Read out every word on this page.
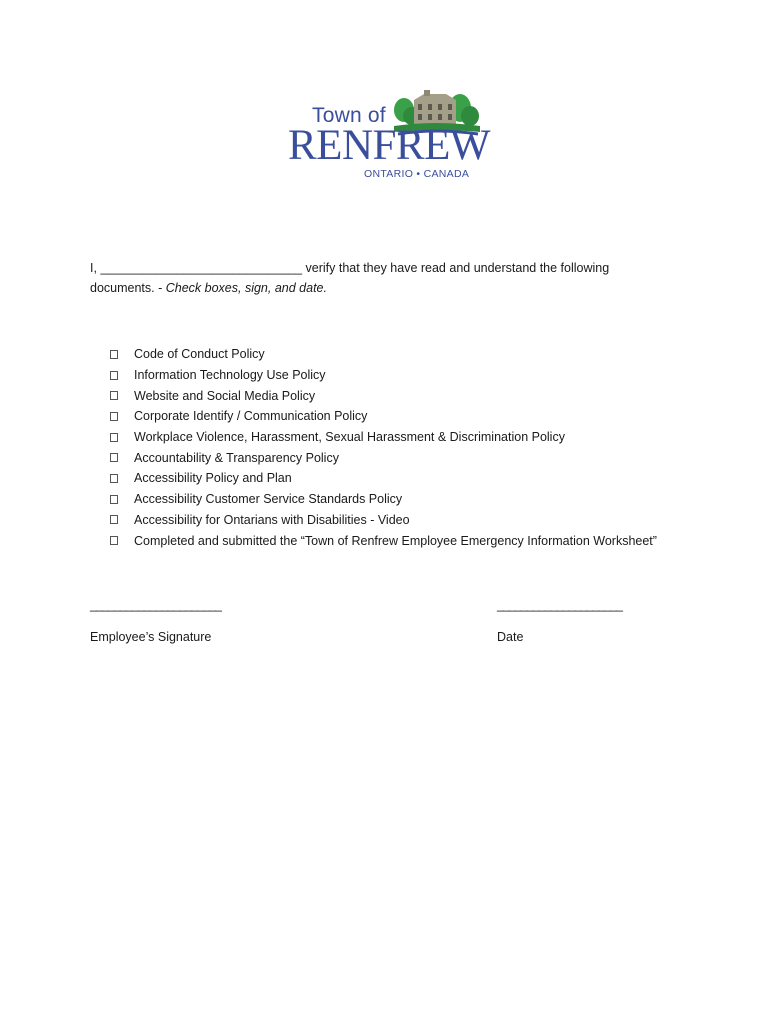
Town of
RENFREW
ONTARIO • CANADA
I, _____________________________ verify that they have read and understand the following
documents. - Check boxes, sign, and date.
Code of Conduct Policy
Information Technology Use Policy
Website and Social Media Policy
Corporate Identify / Communication Policy
Workplace Violence, Harassment, Sexual Harassment & Discrimination Policy
Accountability & Transparency Policy
Accessibility Policy and Plan
Accessibility Customer Service Standards Policy
Accessibility for Ontarians with Disabilities - Video
Completed and submitted the “Town of Renfrew Employee Emergency Information Worksheet”
______________________
Employee’s Signature
_____________________
Date
